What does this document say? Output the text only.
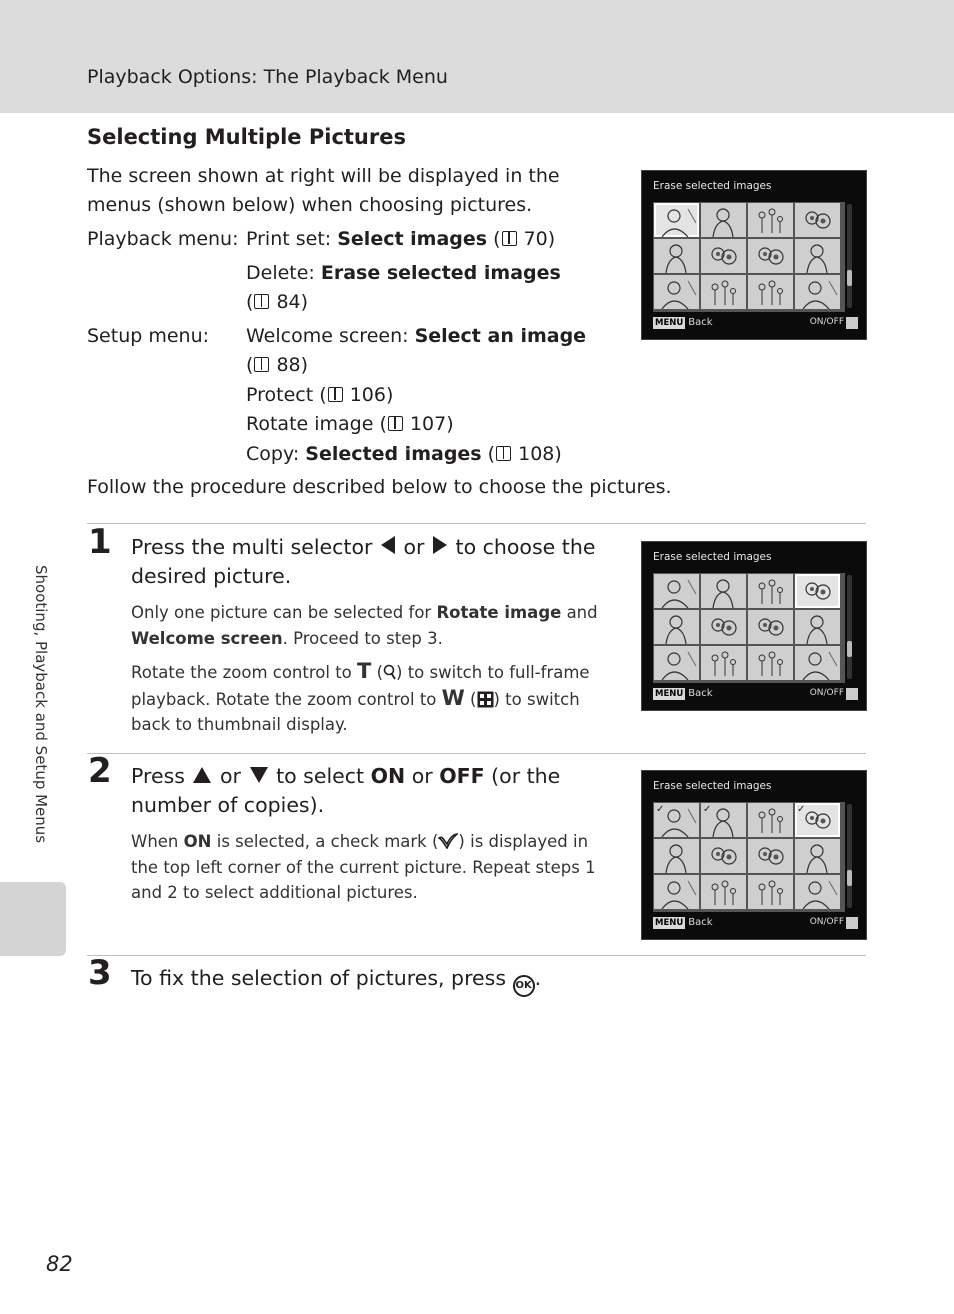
Playback Options: The Playback Menu
Shooting, Playback and Setup Menus
Selecting Multiple Pictures
The screen shown at right will be displayed in the
menus (shown below) when choosing pictures.
Playback menu: Print set: Select images ( 70)
Delete: Erase selected images
( 84)
Setup menu: Welcome screen: Select an image
( 88)
Protect ( 106)
Rotate image ( 107)
Copy: Selected images ( 108)
Follow the procedure described below to choose the pictures.
1 Press the multi selector or to choose the
desired picture.
Only one picture can be selected for Rotate image and
Welcome screen. Proceed to step 3.
Rotate the zoom control to T ( ) to switch to full-frame
playback. Rotate the zoom control to W ( ) to switch
back to thumbnail display.
2 Press or to select ON or OFF (or the
number of copies).
When ON is selected, a check mark ( ) is displayed in
the top left corner of the current picture. Repeat steps 1
and 2 to select additional pictures.
3 To fix the selection of pictures, press OK .
Erase selected images
MENU Back	ON/OFF
Erase selected images
MENU Back	ON/OFF
Erase selected images
✓	✓	✓
MENU Back	ON/OFF
82
